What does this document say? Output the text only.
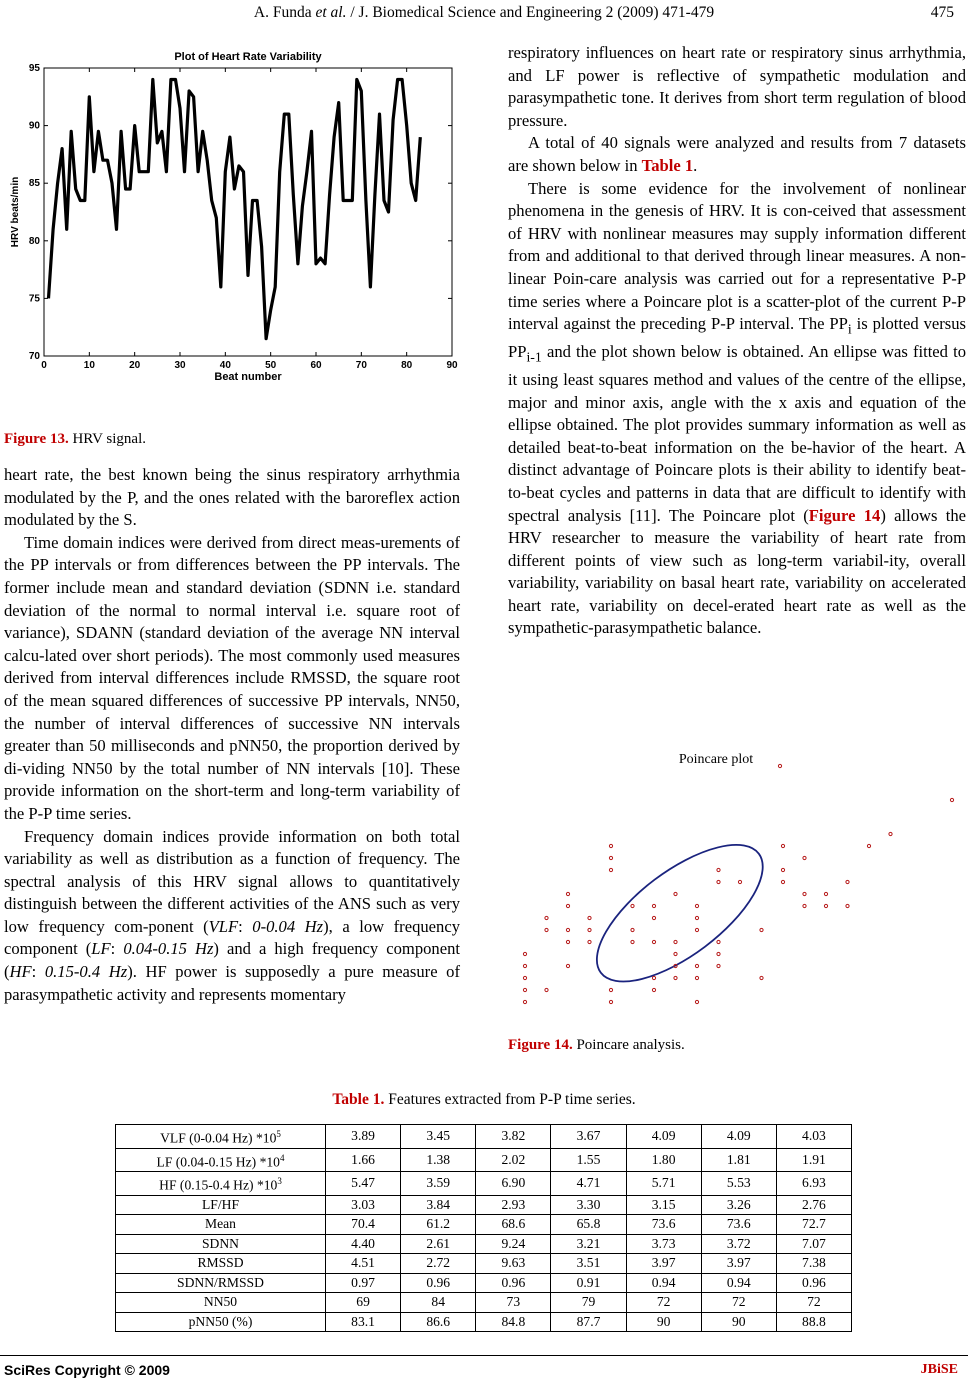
A. Funda et al. / J. Biomedical Science and Engineering 2 (2009) 471-479	475
Plot of Heart Rate Variability
0	10	20	30	40	50	60	70	80	90
70
75
80
85
90
95
Beat number
HRV beats/min
Figure 13. HRV signal.

heart rate, the best known being the sinus respiratory arrhythmia modulated by the P, and the ones related with the baroreflex action modulated by the S.

Time domain indices were derived from direct meas-urements of the PP intervals or from differences between the PP intervals. The former include mean and standard deviation (SDNN i.e. standard deviation of the normal to normal interval i.e. square root of variance), SDANN (standard deviation of the average NN interval calcu-lated over short periods). The most commonly used measures derived from interval differences include RMSSD, the square root of the mean squared differences of successive PP intervals, NN50, the number of interval differences of successive NN intervals greater than 50 milliseconds and pNN50, the proportion derived by di-viding NN50 by the total number of NN intervals [10]. These provide information on the short-term and long-term variability of the P-P time series.

Frequency domain indices provide information on both total variability as well as distribution as a function of frequency. The spectral analysis of this HRV signal allows to quantitatively distinguish between the different activities of the ANS such as very low frequency com-ponent (VLF: 0-0.04 Hz), a low frequency component (LF: 0.04-0.15 Hz) and a high frequency component (HF: 0.15-0.4 Hz). HF power is supposedly a pure measure of parasympathetic activity and represents momentary

respiratory influences on heart rate or respiratory sinus arrhythmia, and LF power is reflective of sympathetic modulation and parasympathetic tone. It derives from short term regulation of blood pressure.

A total of 40 signals were analyzed and results from 7 datasets are shown below in Table 1.

There is some evidence for the involvement of nonlinear phenomena in the genesis of HRV. It is con-ceived that assessment of HRV with nonlinear measures may supply information different from and additional to that derived through linear measures. A non-linear Poin-care analysis was carried out for a representative P-P time series where a Poincare plot is a scatter-plot of the current P-P interval against the preceding P-P interval. The $PP_i$ is plotted versus $PP_{i-1}$ and the plot shown below is obtained. An ellipse was fitted to it using least squares method and values of the centre of the ellipse, major and minor axis, angle with the x axis and equation of the ellipse obtained. The plot provides summary information as well as detailed beat-to-beat information on the be-havior of the heart. A distinct advantage of Poincare plots is their ability to identify beat-to-beat cycles and patterns in data that are difficult to identify with spectral analysis [11]. The Poincare plot (Figure 14) allows the HRV researcher to measure the variability of heart rate from different points of view such as long-term variabil-ity, overall variability, variability on basal heart rate, variability on accelerated heart rate, variability on decel-erated heart rate as well as the sympathetic-parasympathetic balance.

Poincare plot
Figure 14. Poincare analysis.
Table 1. Features extracted from P-P time series.
VLF (0-0.04 Hz) $*10^5$	3.89	3.45	3.82	3.67	4.09	4.09	4.03
LF (0.04-0.15 Hz) $*10^4$	1.66	1.38	2.02	1.55	1.80	1.81	1.91
HF (0.15-0.4 Hz) $*10^3$	5.47	3.59	6.90	4.71	5.71	5.53	6.93
LF/HF	3.03	3.84	2.93	3.30	3.15	3.26	2.76
Mean	70.4	61.2	68.6	65.8	73.6	73.6	72.7
SDNN	4.40	2.61	9.24	3.21	3.73	3.72	7.07
RMSSD	4.51	2.72	9.63	3.51	3.97	3.97	7.38
SDNN/RMSSD	0.97	0.96	0.96	0.91	0.94	0.94	0.96
NN50	69	84	73	79	72	72	72
pNN50 (%)	83.1	86.6	84.8	87.7	90	90	88.8
SciRes Copyright © 2009	JBiSE
